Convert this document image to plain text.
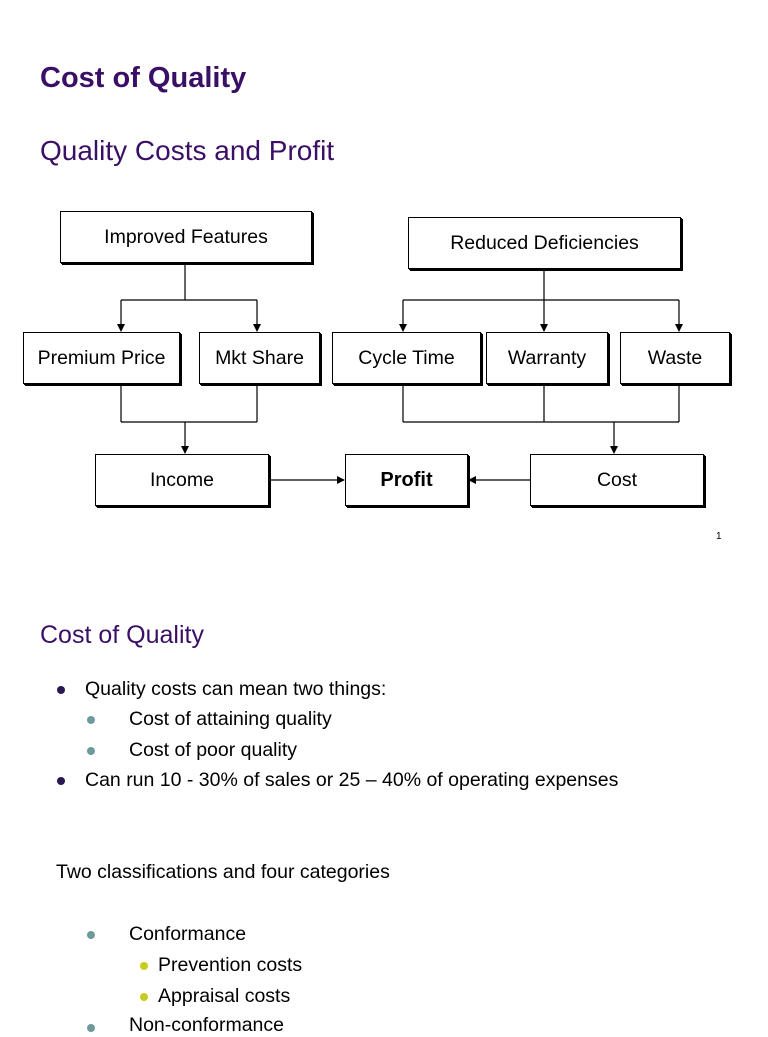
Cost of Quality
Quality Costs and Profit
Improved Features	Reduced Deficiencies
Premium Price	Mkt Share	Cycle Time	Warranty	Waste
Income	Profit	Cost
1
Cost of Quality
Quality costs can mean two things:
Cost of attaining quality
Cost of poor quality
Can run 10 - 30% of sales or 25 – 40% of operating expenses
Two classifications and four categories
Conformance
Prevention costs
Appraisal costs
Non-conformance
